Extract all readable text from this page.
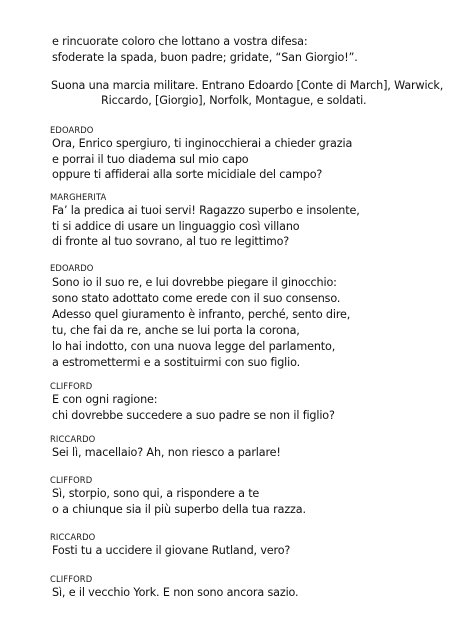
e rincuorate coloro che lottano a vostra difesa:
sfoderate la spada, buon padre; gridate, “San Giorgio!”.
Suona una marcia militare. Entrano Edoardo [Conte di March], Warwick,
Riccardo, [Giorgio], Norfolk, Montague, e soldati.
EDOARDO
Ora, Enrico spergiuro, ti inginocchierai a chieder grazia
e porrai il tuo diadema sul mio capo
oppure ti affiderai alla sorte micidiale del campo?
MARGHERITA
Fa’ la predica ai tuoi servi! Ragazzo superbo e insolente,
ti si addice di usare un linguaggio così villano
di fronte al tuo sovrano, al tuo re legittimo?
EDOARDO
Sono io il suo re, e lui dovrebbe piegare il ginocchio:
sono stato adottato come erede con il suo consenso.
Adesso quel giuramento è infranto, perché, sento dire,
tu, che fai da re, anche se lui porta la corona,
lo hai indotto, con una nuova legge del parlamento,
a estromettermi e a sostituirmi con suo figlio.
CLIFFORD
E con ogni ragione:
chi dovrebbe succedere a suo padre se non il figlio?
RICCARDO
Sei lì, macellaio? Ah, non riesco a parlare!
CLIFFORD
Sì, storpio, sono qui, a rispondere a te
o a chiunque sia il più superbo della tua razza.
RICCARDO
Fosti tu a uccidere il giovane Rutland, vero?
CLIFFORD
Sì, e il vecchio York. E non sono ancora sazio.
